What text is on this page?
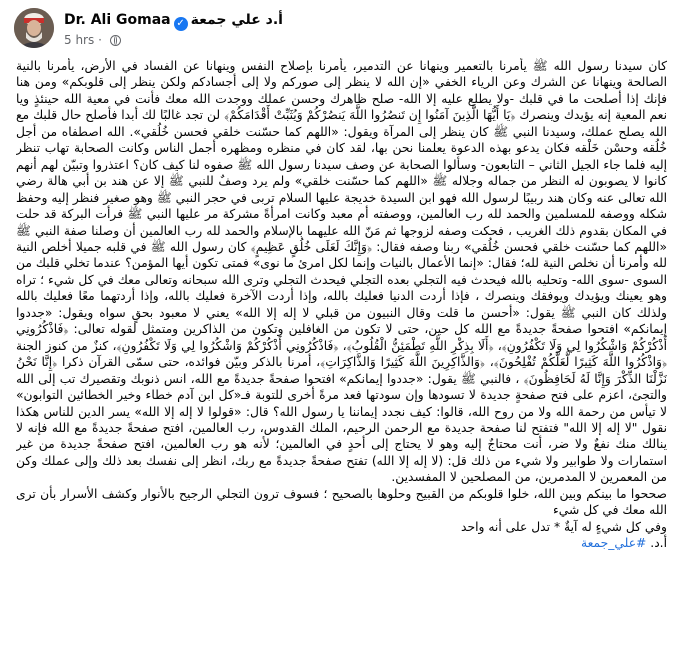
Dr. Ali Gomaa ✓ أ.د علي جمعة
5 hrs ·

كان سيدنا رسول الله ﷺ يأمرنا بالتعمير وينهانا عن التدمير، يأمرنا بإصلاح النفس وينهانا عن الفساد في الأرض، يأمرنا بالنية الصالحة وينهانا عن الشرك وعن الرياء الخفي «إن الله لا ينظر إلى صوركم ولا إلى أجسادكم ولكن ينظر إلى قلوبكم» ومن هنا فإنك إذا أصلحت ما في قلبك -ولا يطلع عليه إلا الله- صلح ظاهرك وحسن عملك ووجدت الله معك فأنت في معية الله حينئذٍ ويا نعم المعية إنه يؤيدك وينصرك ﴿يَا أَيُّهَا الَّذِينَ آمَنُوا إِن تَنصُرُوا اللَّهَ يَنصُرْكُمْ وَيُثَبِّتْ أَقْدَامَكُمْ﴾ لن تجد غالبًا لك أبدا فأصلح حال قلبك مع الله يصلح عملك، وسيدنا النبي ﷺ كان ينظر إلى المرآة ويقول: «اللهم كما حسّنت خلقي فحسن خُلُقي». الله اصطفاه من أجل خُلُقه وحسْن خَلْقه فكان يدعو بهذه الدعوة يعلمنا نحن بها، لقد كان في منظره ومظهره أجمل الناس وكانت الصحابة تهاب تنظر إليه فلما جاء الجيل الثاني – التابعون- وسألوا الصحابة عن وصف سيدنا رسول الله ﷺ صفوه لنا كيف كان؟ اعتذروا وتبيّن لهم أنهم كانوا لا يصوبون له النظر من جماله وجلاله ﷺ «اللهم كما حسّنت خلقي» ولم يرد وصفٌ للنبي ﷺ إلا عن هند بن أبي هالة رضي الله تعالى عنه وكان هند ربيبًا لرسول الله فهو ابن السيدة خديجة عليها السلام تربى في حجر النبي ﷺ وهو صغير فنظر إليه وحفظ شكله ووصفه للمسلمين والحمد لله رب العالمين، ووصفته أم معبد وكانت امرأةً مشركة مر عليها النبي ﷺ فرأت البركة قد حلت في المكان بقدوم ذلك الغريب ، فحكت وصفه لزوجها ثم مَنّ الله عليهما بالإسلام والحمد لله رب العالمين أن وصلنا صفة النبي ﷺ «اللهم كما حسّنت خلقي فحسن خُلُقي» ربنا وصفه فقال: ﴿وَإِنَّكَ لَعَلَى خُلُقٍ عَظِيمٍ﴾ كان رسول الله ﷺ في قلبه جميلا أخلص النية لله وأمرنا أن نخلص النية لله؛ فقال: «إنما الأعمال بالنيات وإنما لكل امرئ ما نوى» فمتى تكون أيها المؤمن؟ عندما تخلي قلبك من السوى -سوى الله- وتحليه بالله فيحدث فيه التجلي بعده التجلي فيحدث التجلي وترى الله سبحانه وتعالى معك في كل شيء ؛ تراه وهو يعينك ويؤيدك ويوفقك وينصرك ، فإذا أردت الدنيا فعليك بالله، وإذا أردت الآخرة فعليك بالله، وإذا أردتهما معًا فعليك بالله ولذلك كان النبي ﷺ يقول: «أحسن ما قلت وقال النبيون من قبلي لا إله إلا الله» يعني لا معبود بحقٍ سواه ويقول: «جددوا إيمانكم» افتحوا صفحةً جديدةً مع الله كل حين، حتى لا تكون من الغافلين وتكون من الذاكرين ومتمثل لقوله تعالى: ﴿فَاذْكُرُونِي أَذْكُرْكُمْ وَاشْكُرُوا لِي وَلَا تَكْفُرُونِ﴾، ﴿أَلَا بِذِكْرِ اللَّهِ تَطْمَئِنُّ الْقُلُوبُ﴾، ﴿فَاذْكُرُونِي أَذْكُرْكُمْ وَاشْكُرُوا لِي وَلَا تَكْفُرُونِ﴾، كنزٌ من كنوز الجنة ﴿وَاذْكُرُوا اللَّهَ كَثِيرًا لَّعَلَّكُمْ تُفْلِحُونَ﴾، ﴿وَالذَّاكِرِينَ اللَّهَ كَثِيرًا وَالذَّاكِرَاتِ﴾، أمرنا بالذكر وبيّن فوائده، حتى سمّى القرآن ذكرا ﴿إِنَّا نَحْنُ نَزَّلْنَا الذِّكْرَ وَإِنَّا لَهُ لَحَافِظُونَ﴾ ، فالنبي ﷺ يقول: «جددوا إيمانكم» افتحوا صفحةً جديدةً مع الله، انس ذنوبك وتقصيرك تب إلى الله والتجئ، اعزم على فتح صفحةٍ جديدة لا تسودها وإن سودتها فعد مرةً أخرى للتوبة فـ«كل ابن آدم خطاء وخير الخطائين التوابون» لا تيأس من رحمة الله ولا من روح الله، قالوا: كيف نجدد إيماننا يا رسول الله؟ قال: «قولوا لا إله إلا الله» يسر الدين للناس هكذا نقول "لا إله إلا الله" فتفتح لنا صفحة جديدة مع الرحمن الرحيم، الملك القدوس، رب العالمين، افتح صفحةً جديدةً مع الله فإنه لا ينالك منك نفعٌ ولا ضر، أنت محتاجٌ إليه وهو لا يحتاج إلى أحدٍ في العالمين؛ لأنه هو رب العالمين، افتح صفحةً جديدة من غير استمارات ولا طوابير ولا شيء من ذلك قل: (لا إله إلا الله) تفتح صفحةً جديدةً مع ربك، انظر إلى نفسك بعد ذلك وإلى عملك وكن من المعمرين لا المدمرين، من المصلحين لا المفسدين.

صححوا ما بينكم وبين الله، خلوا قلوبكم من القبيح وحلوها بالصحيح ؛ فسوف ترون التجلي الرجيح بالأنوار وكشف الأسرار بأن ترى الله معك في كل شيء

وفي كل شيءٍ له آيةٌ * تدل على أنه واحد

أ.د. #علي_جمعة
